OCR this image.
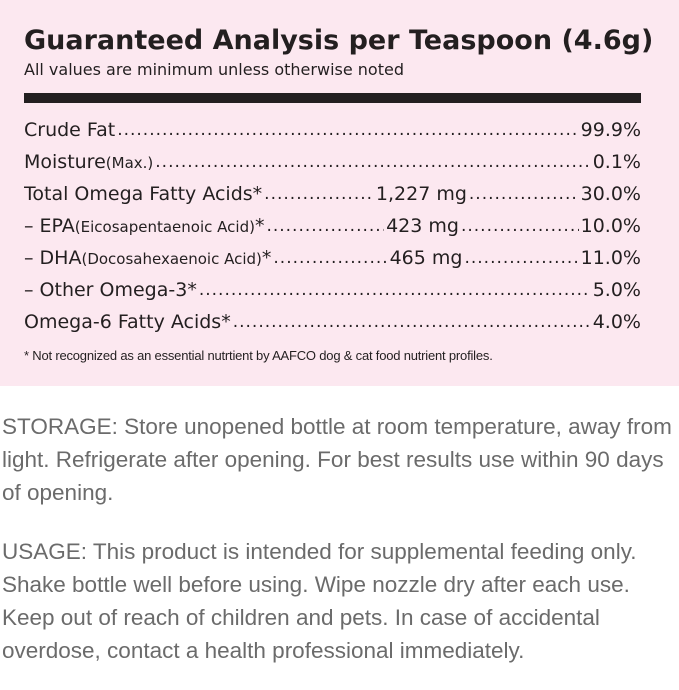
Guaranteed Analysis per Teaspoon (4.6g)

All values are minimum unless otherwise noted

Crude Fat .....	99.9%
Moisture (Max.) .....	0.1%
Total Omega Fatty Acids* .....	1,227 mg .....	30.0%
– EPA (Eicosapentaenoic Acid) * .....	423 mg .....	10.0%
– DHA (Docosahexaenoic Acid) * .....	465 mg .....	11.0%
– Other Omega-3* .....	5.0%
Omega-6 Fatty Acids* .....	4.0%

* Not recognized as an essential nutrtient by AAFCO dog & cat food nutrient profiles.

STORAGE: Store unopened bottle at room temperature, away from light. Refrigerate after opening. For best results use within 90 days of opening.

USAGE: This product is intended for supplemental feeding only. Shake bottle well before using. Wipe nozzle dry after each use. Keep out of reach of children and pets. In case of accidental overdose, contact a health professional immediately.
